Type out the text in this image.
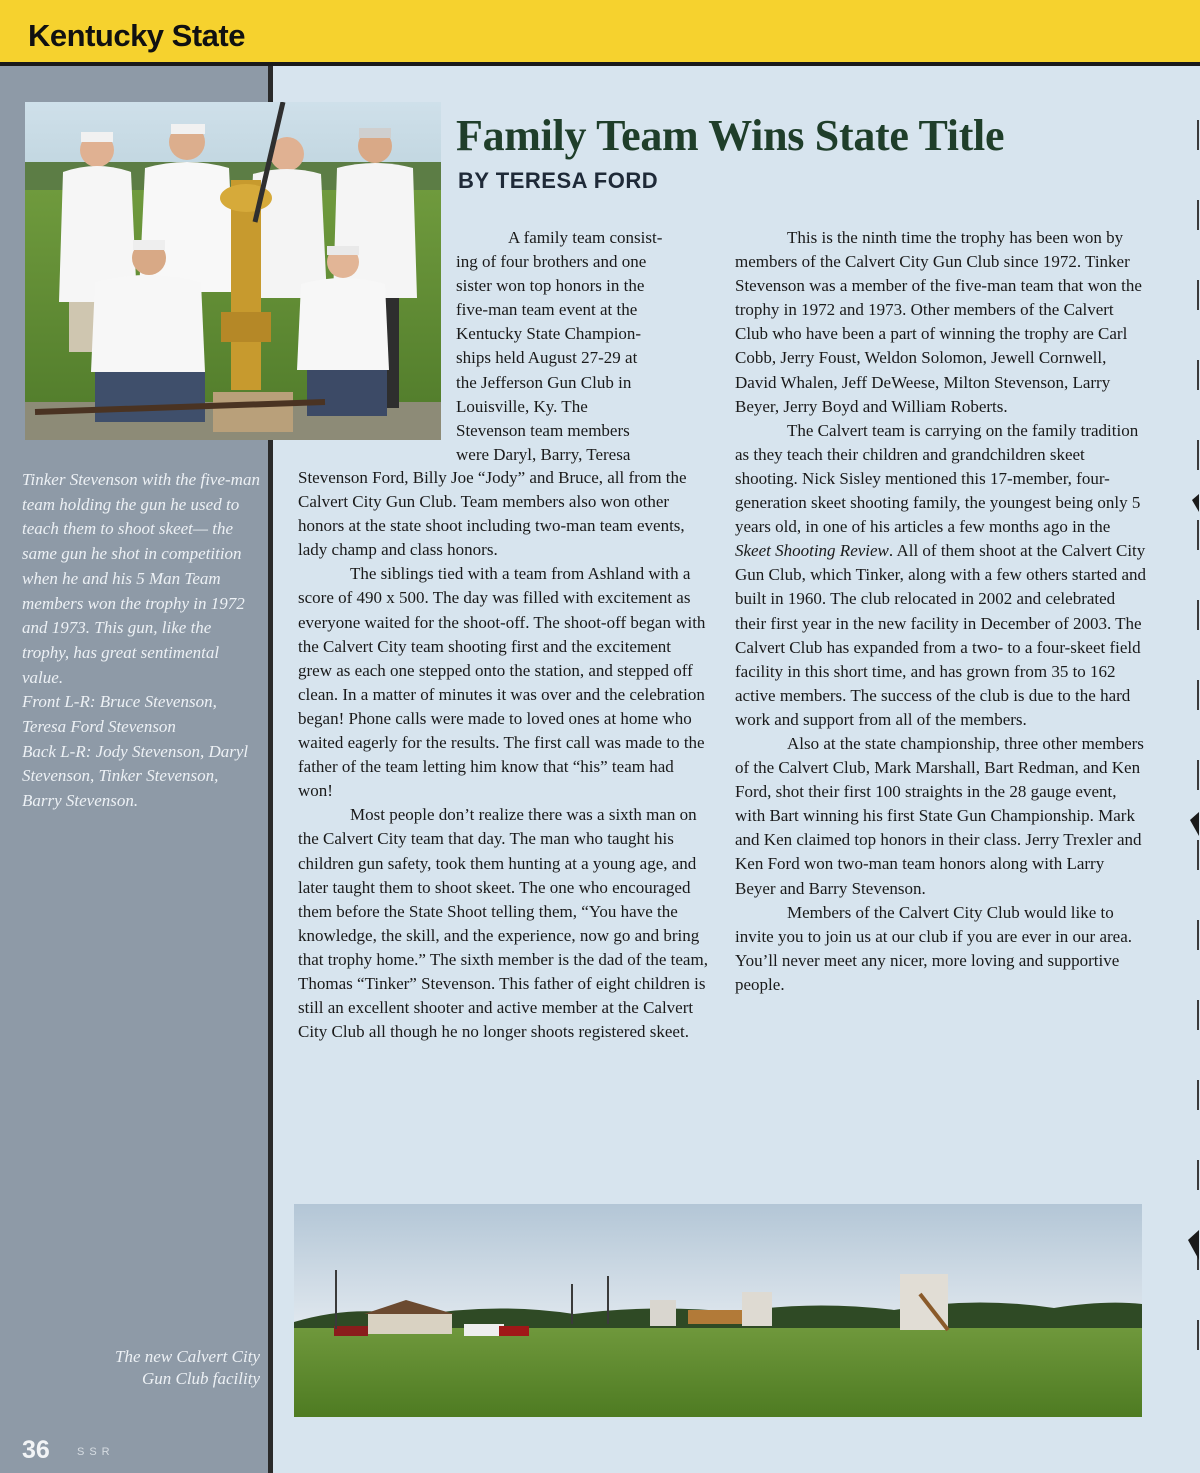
Kentucky State

Tinker Stevenson with the five-man team holding the gun he used to teach them to shoot skeet— the same gun he shot in competition when he and his 5 Man Team members won the trophy in 1972 and 1973. This gun, like the trophy, has great sentimental value.

Front L-R: Bruce Stevenson, Teresa Ford Stevenson

Back L-R: Jody Stevenson, Daryl Stevenson, Tinker Stevenson, Barry Stevenson.

Family Team Wins State Title
BY TERESA FORD

A family team consist-

ing of four brothers and one

sister won top honors in the

five-man team event at the

Kentucky State Champion-

ships held August 27-29 at

the Jefferson Gun Club in

Louisville, Ky. The

Stevenson team members

were Daryl, Barry, Teresa

Stevenson Ford, Billy Joe “Jody” and Bruce, all from the Calvert City Gun Club. Team members also won other honors at the state shoot including two-man team events, lady champ and class honors.

The siblings tied with a team from Ashland with a score of 490 x 500. The day was filled with excitement as everyone waited for the shoot-off. The shoot-off began with the Calvert City team shooting first and the excitement grew as each one stepped onto the station, and stepped off clean. In a matter of minutes it was over and the celebration began! Phone calls were made to loved ones at home who waited eagerly for the results. The first call was made to the father of the team letting him know that “his” team had won!

Most people don’t realize there was a sixth man on the Calvert City team that day. The man who taught his children gun safety, took them hunting at a young age, and later taught them to shoot skeet. The one who encouraged them before the State Shoot telling them, “You have the knowledge, the skill, and the experience, now go and bring that trophy home.” The sixth member is the dad of the team, Thomas “Tinker” Stevenson. This father of eight children is still an excellent shooter and active member at the Calvert City Club all though he no longer shoots registered skeet.

This is the ninth time the trophy has been won by members of the Calvert City Gun Club since 1972. Tinker Stevenson was a member of the five-man team that won the trophy in 1972 and 1973. Other members of the Calvert Club who have been a part of winning the trophy are Carl Cobb, Jerry Foust, Weldon Solomon, Jewell Cornwell, David Whalen, Jeff DeWeese, Milton Stevenson, Larry Beyer, Jerry Boyd and William Roberts.

The Calvert team is carrying on the family tradition as they teach their children and grandchildren skeet shooting. Nick Sisley mentioned this 17-member, four-generation skeet shooting family, the youngest being only 5 years old, in one of his articles a few months ago in the Skeet Shooting Review. All of them shoot at the Calvert City Gun Club, which Tinker, along with a few others started and built in 1960. The club relocated in 2002 and celebrated their first year in the new facility in December of 2003. The Calvert Club has expanded from a two- to a four-skeet field facility in this short time, and has grown from 35 to 162 active members. The success of the club is due to the hard work and support from all of the members.

Also at the state championship, three other members of the Calvert Club, Mark Marshall, Bart Redman, and Ken Ford, shot their first 100 straights in the 28 gauge event, with Bart winning his first State Gun Championship. Mark and Ken claimed top honors in their class. Jerry Trexler and Ken Ford won two-man team honors along with Larry Beyer and Barry Stevenson.

Members of the Calvert City Club would like to invite you to join us at our club if you are ever in our area. You’ll never meet any nicer, more loving and supportive people.

The new Calvert City

Gun Club facility

36 SSR
